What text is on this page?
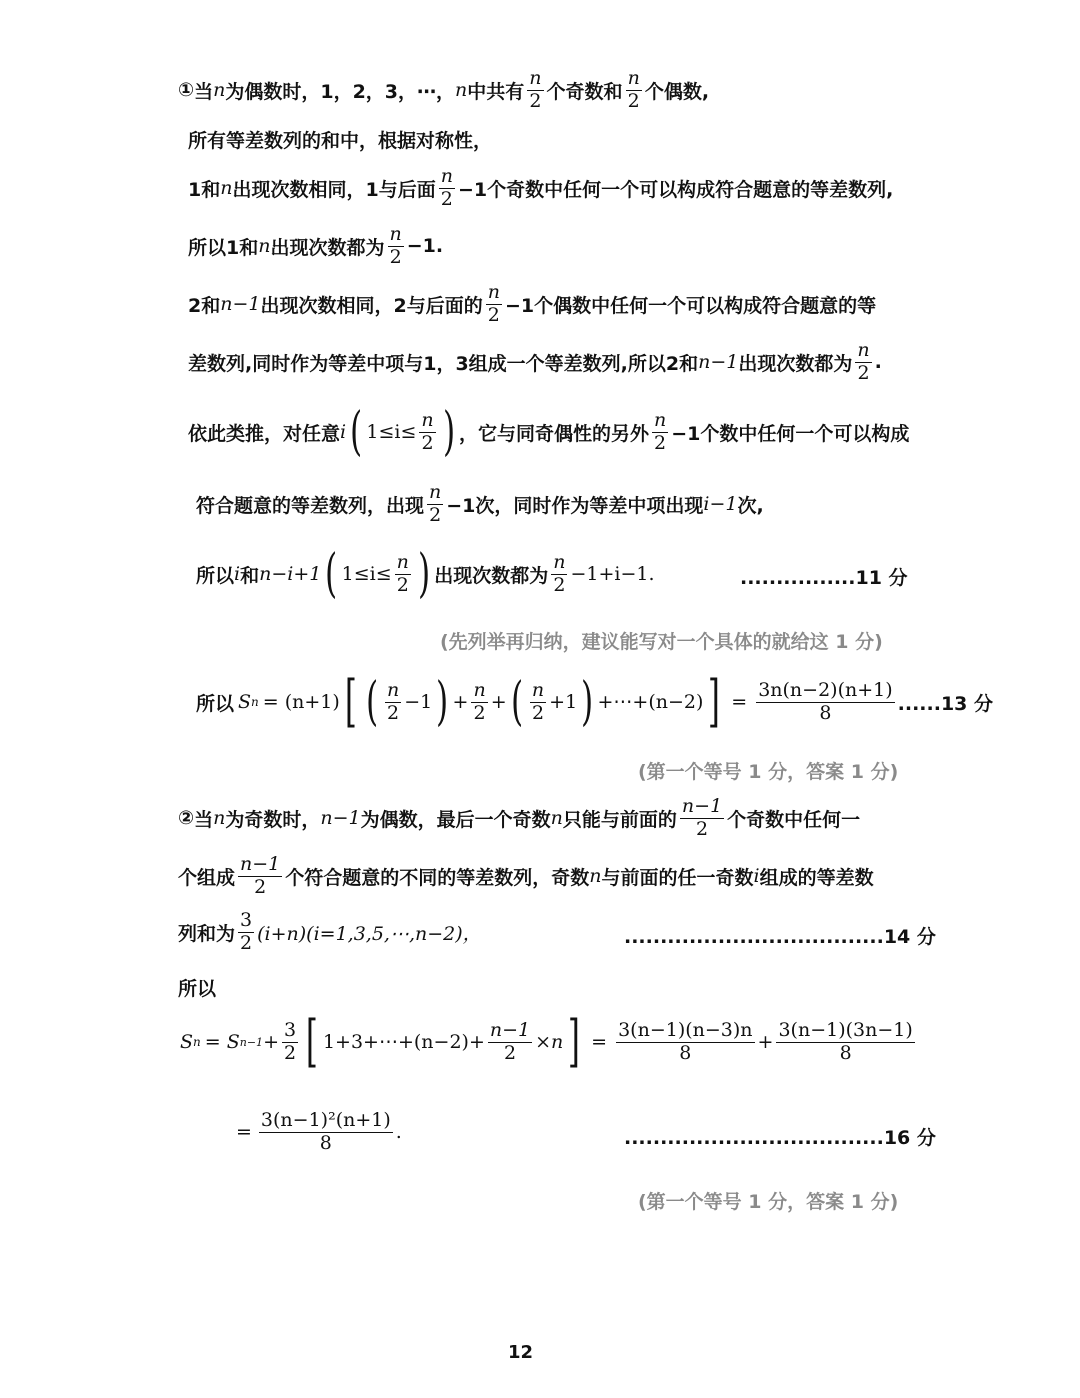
① 当 n 为偶数时，1，2，3，⋯， n 中共有 $\frac{n}{2}$ 个奇数和 $\frac{n}{2}$ 个偶数,
所有等差数列的和中，根据对称性，
1和 n 出现次数相同，1与后面 $\frac{n}{2} -1$个奇数中任何一个可以构成符合题意的等差数列,
所以1和 n 出现次数都为 $\frac{n}{2} -1$.
2和 n−1 出现次数相同，2与后面的 $\frac{n}{2} -1$个偶数中任何一个可以构成符合题意的等
差数列,同时作为等差中项与1，3组成一个等差数列,所以2和 n−1 出现次数都为 $\frac{n}{2}$ .
依此类推，对任意 i ( $1\le i\le \frac{n}{2}$ ) ，它与同奇偶性的另外 $\frac{n}{2} -1$个数中任何一个可以构成
符合题意的等差数列，出现 $\frac{n}{2} -1$次，同时作为等差中项出现 i−1 次,
所以 i 和 n−i+1 ( $1\le i\le \frac{n}{2}$ ) 出现次数都为 $\frac{n}{2} -1+i-1$.	................11 分
(先列举再归纳，建议能写对一个具体的就给这 1 分)
所以 S n = (n+1) [ ( $\frac{n}{2} -1$ ) + $\frac{n}{2}$ + ( $\frac{n}{2} +1$ ) +⋯+(n−2) ] = $\frac{3n(n-2)(n+1)}{8} ......13$ 分
(第一个等号 1 分，答案 1 分)
② 当 n 为奇数时， n−1 为偶数，最后一个奇数 n 只能与前面的 $\frac{n-1}{2}$ 个奇数中任何一
个组成 $\frac{n-1}{2}$ 个符合题意的不同的等差数列，奇数 n 与前面的任一奇数 i 组成的等差数
列和为 $\frac{3}{2}$ (i+n)(i=1,3,5,⋯,n−2)，	....................................14 分
所以
S n = S $n-1 + \frac{3}{2}$ [ 1+3+⋯+(n−2)+ $\frac{n-1}{2} \times n$ ] = $\frac{3(n-1)(n-3)n}{8} + \frac{3(n-1)(3n-1)}{8}$
= $\frac{\text{3(n−1)²(n+1)}}{8}$ .	....................................16 分
(第一个等号 1 分，答案 1 分)
12
